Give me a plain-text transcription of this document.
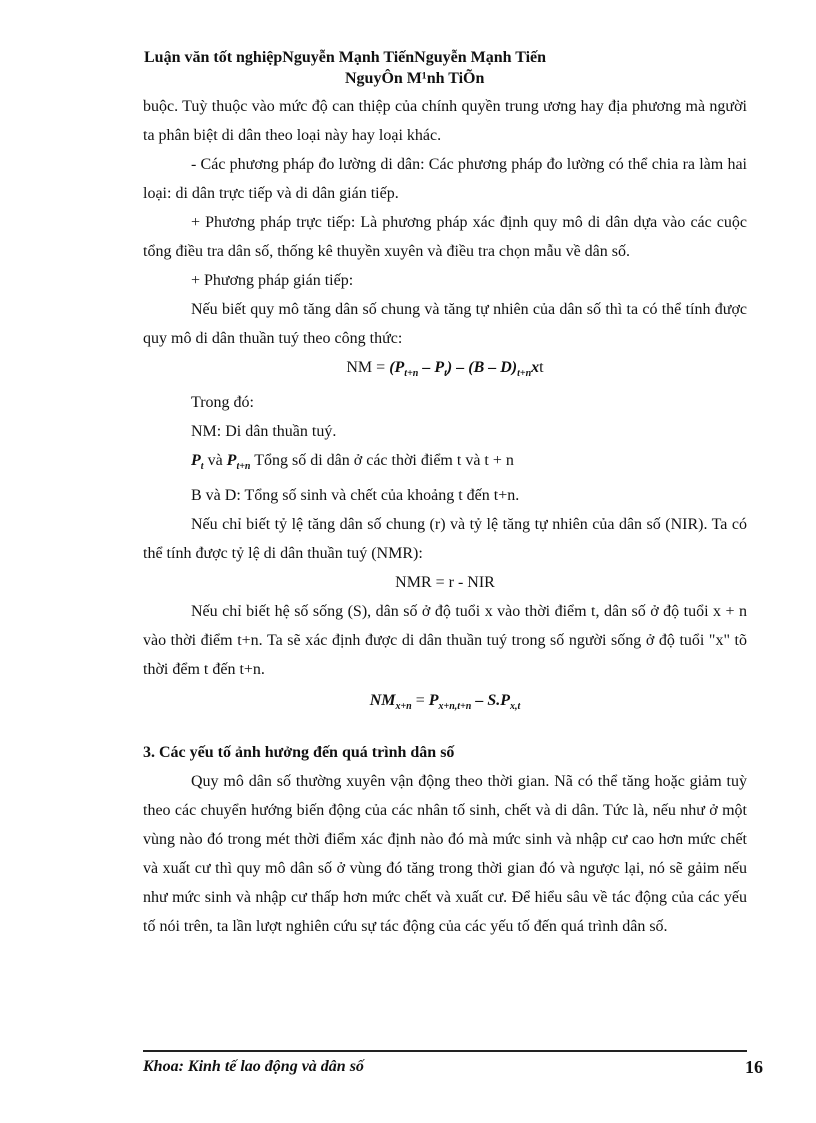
Luận văn tốt nghiệpNguyễn Mạnh TiếnNguyễn Mạnh Tiến
NguyÔn M¹nh TiÕn

buộc. Tuỳ thuộc vào mức độ can thiệp của chính quyền trung ương hay địa phương mà người ta phân biệt di dân theo loại này hay loại khác.

- Các phương pháp đo lường di dân: Các phương pháp đo lường có thể chia ra làm hai loại: di dân trực tiếp và di dân gián tiếp.

+ Phương pháp trực tiếp: Là phương pháp xác định quy mô di dân dựa vào các cuộc tổng điều tra dân số, thống kê thuyền xuyên và điều tra chọn mẫu về dân số.

+ Phương pháp gián tiếp:

Nếu biết quy mô tăng dân số chung và tăng tự nhiên của dân số thì ta có thể tính được quy mô di dân thuần tuý theo công thức:

NM = $(P_{t+n} - P_t) - (B - D)_{t+n}xt$

Trong đó:

NM: Di dân thuần tuý.

$P_t$ và $P_{t+n}$ Tổng số di dân ở các thời điểm t và t + n

B và D: Tổng số sinh và chết của khoảng t đến t+n.

Nếu chỉ biết tỷ lệ tăng dân số chung (r) và tỷ lệ tăng tự nhiên của dân số (NIR). Ta có thể tính được tỷ lệ di dân thuần tuý (NMR):

NMR = r - NIR

Nếu chỉ biết hệ số sống (S), dân số ở độ tuổi x vào thời điểm t, dân số ở độ tuổi x + n vào thời điểm t+n. Ta sẽ xác định được di dân thuần tuý trong số người sống ở độ tuổi "x" tõ thời đểm t đến t+n.

$NM_{x+n} = P_{x+n,t+n} - S.P_{x,t}$

3. Các yếu tố ảnh hưởng đến quá trình dân số

Quy mô dân số thường xuyên vận động theo thời gian. Nã có thể tăng hoặc giảm tuỳ theo các chuyển hướng biến động của các nhân tố sinh, chết và di dân. Tức là, nếu như ở một vùng nào đó trong mét thời điểm xác định nào đó mà mức sinh và nhập cư cao hơn mức chết và xuất cư thì quy mô dân số ở vùng đó tăng trong thời gian đó và ngược lại, nó sẽ gảim nếu như mức sinh và nhập cư thấp hơn mức chết và xuất cư. Để hiểu sâu về tác động của các yếu tố nói trên, ta lần lượt nghiên cứu sự tác động của các yếu tố đến quá trình dân số.

Khoa: Kinh tế lao động và dân số	16
